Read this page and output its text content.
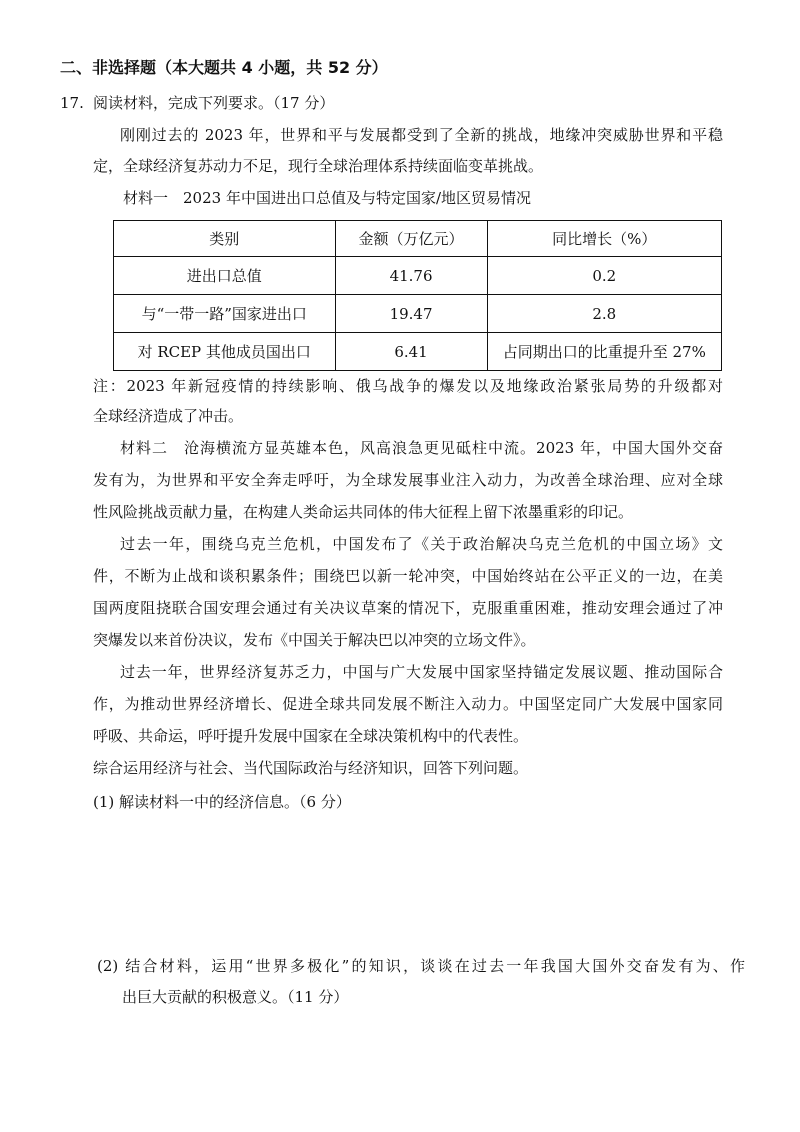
二、非选择题（本大题共 4 小题，共 52 分）
17. 阅读材料，完成下列要求。（17 分）
刚刚过去的 2023 年，世界和平与发展都受到了全新的挑战，地缘冲突威胁世界和平稳
定，全球经济复苏动力不足，现行全球治理体系持续面临变革挑战。
材料一　2023 年中国进出口总值及与特定国家/地区贸易情况
类别	金额（万亿元）	同比增长（%）
进出口总值	41.76	0.2
与“一带一路”国家进出口	19.47	2.8
对 RCEP 其他成员国出口	6.41	占同期出口的比重提升至 27%
注：2023 年新冠疫情的持续影响、俄乌战争的爆发以及地缘政治紧张局势的升级都对
全球经济造成了冲击。
材料二　沧海横流方显英雄本色，风高浪急更见砥柱中流。2023 年，中国大国外交奋
发有为，为世界和平安全奔走呼吁，为全球发展事业注入动力，为改善全球治理、应对全球
性风险挑战贡献力量，在构建人类命运共同体的伟大征程上留下浓墨重彩的印记。
过去一年，围绕乌克兰危机，中国发布了《关于政治解决乌克兰危机的中国立场》文
件，不断为止战和谈积累条件；围绕巴以新一轮冲突，中国始终站在公平正义的一边，在美
国两度阻挠联合国安理会通过有关决议草案的情况下，克服重重困难，推动安理会通过了冲
突爆发以来首份决议，发布《中国关于解决巴以冲突的立场文件》。
过去一年，世界经济复苏乏力，中国与广大发展中国家坚持锚定发展议题、推动国际合
作，为推动世界经济增长、促进全球共同发展不断注入动力。中国坚定同广大发展中国家同
呼吸、共命运，呼吁提升发展中国家在全球决策机构中的代表性。
综合运用经济与社会、当代国际政治与经济知识，回答下列问题。
(1) 解读材料一中的经济信息。（6 分）
(2) 结合材料，运用“世界多极化”的知识，谈谈在过去一年我国大国外交奋发有为、作
出巨大贡献的积极意义。（11 分）
